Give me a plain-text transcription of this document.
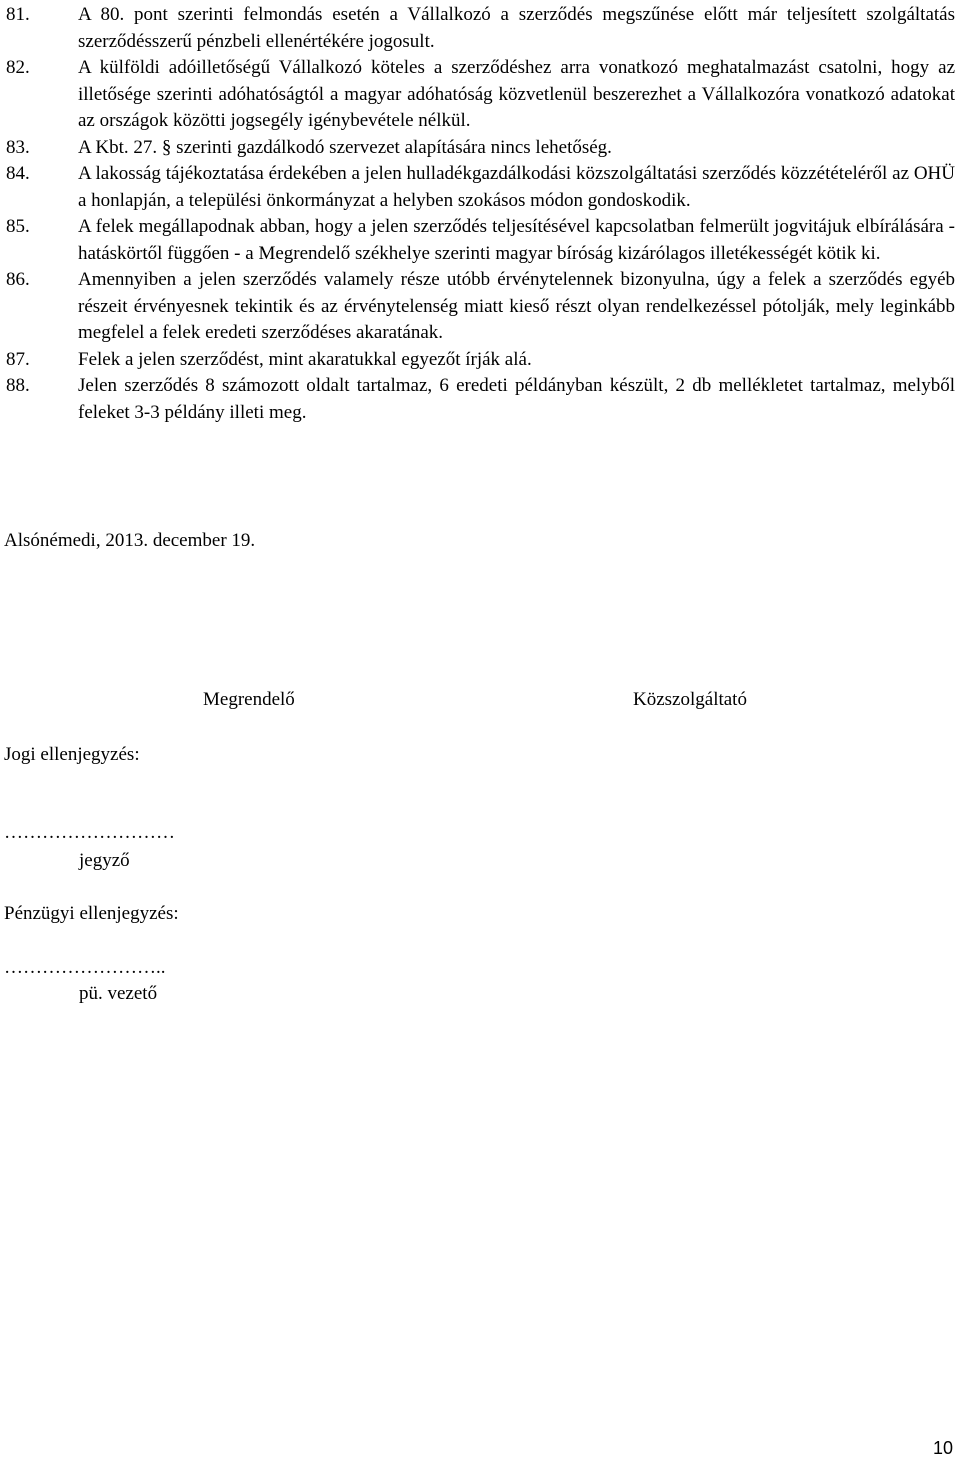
81.	A 80. pont szerinti felmondás esetén a Vállalkozó a szerződés megszűnése előtt már teljesített szolgáltatás szerződésszerű pénzbeli ellenértékére jogosult.
82.	A külföldi adóilletőségű Vállalkozó köteles a szerződéshez arra vonatkozó meghatalmazást csatolni, hogy az illetősége szerinti adóhatóságtól a magyar adóhatóság közvetlenül beszerezhet a Vállalkozóra vonatkozó adatokat az országok közötti jogsegély igénybevétele nélkül.
83.	A Kbt. 27. § szerinti gazdálkodó szervezet alapítására nincs lehetőség.
84.	A lakosság tájékoztatása érdekében a jelen hulladékgazdálkodási közszolgáltatási szerződés közzétételéről az OHÜ a honlapján, a települési önkormányzat a helyben szokásos módon gondoskodik.
85.	A felek megállapodnak abban, hogy a jelen szerződés teljesítésével kapcsolatban felmerült jogvitájuk elbírálására - hatáskörtől függően - a Megrendelő székhelye szerinti magyar bíróság kizárólagos illetékességét kötik ki.
86.	Amennyiben a jelen szerződés valamely része utóbb érvénytelennek bizonyulna, úgy a felek a szerződés egyéb részeit érvényesnek tekintik és az érvénytelenség miatt kieső részt olyan rendelkezéssel pótolják, mely leginkább megfelel a felek eredeti szerződéses akaratának.
87.	Felek a jelen szerződést, mint akaratukkal egyezőt írják alá.
88.	Jelen szerződés 8 számozott oldalt tartalmaz, 6 eredeti példányban készült, 2 db mellékletet tartalmaz, melyből feleket 3-3 példány illeti meg.
Alsónémedi, 2013. december 19.
Megrendelő	Közszolgáltató
Jogi ellenjegyzés:
………………………
jegyző
Pénzügyi ellenjegyzés:
……………………..
pü. vezető
10
